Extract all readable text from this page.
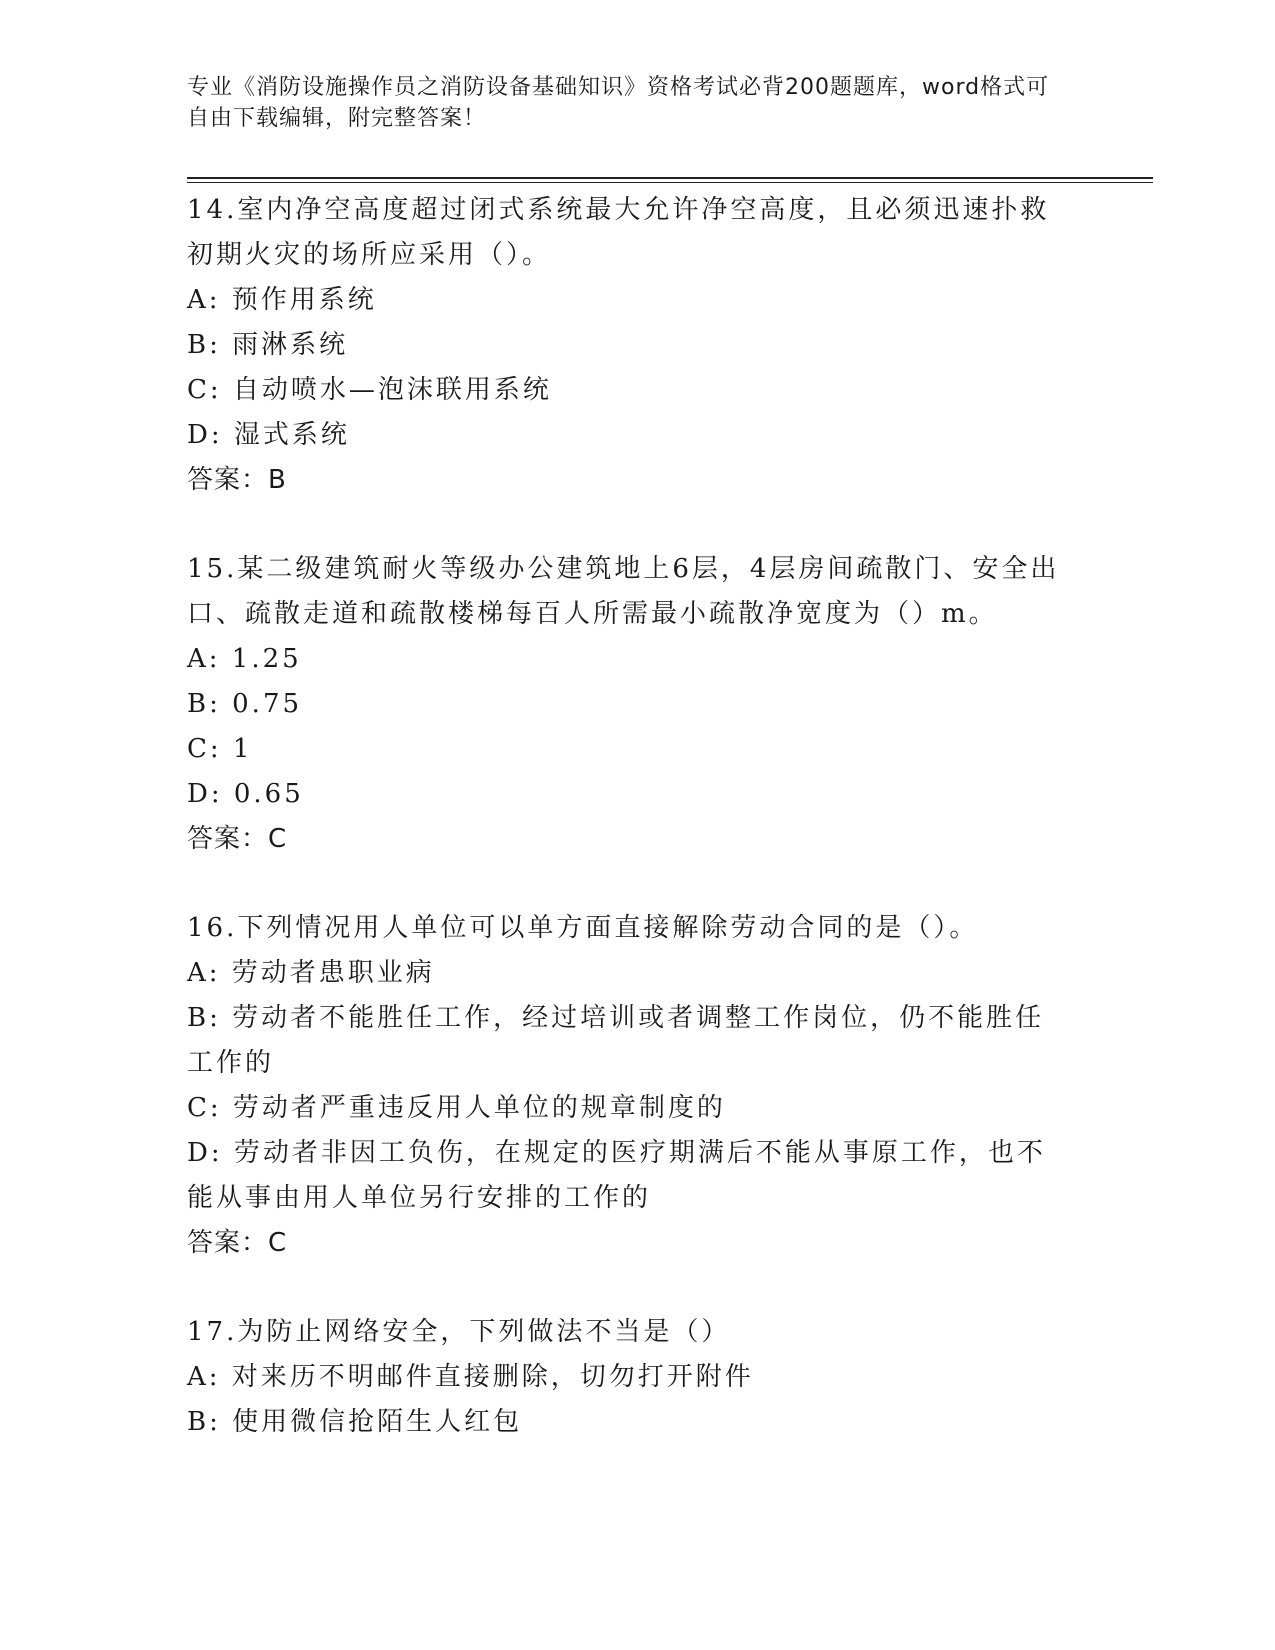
专业《消防设施操作员之消防设备基础知识》资格考试必背200题题库，word格式可自由下载编辑，附完整答案！
14.室内净空高度超过闭式系统最大允许净空高度，且必须迅速扑救初期火灾的场所应采用（）。
A: 预作用系统
B: 雨淋系统
C: 自动喷水—泡沫联用系统
D: 湿式系统
答案：B
15.某二级建筑耐火等级办公建筑地上6层，4层房间疏散门、安全出口、疏散走道和疏散楼梯每百人所需最小疏散净宽度为（）m。
A: 1.25
B: 0.75
C: 1
D: 0.65
答案：C
16.下列情况用人单位可以单方面直接解除劳动合同的是（）。
A: 劳动者患职业病
B: 劳动者不能胜任工作，经过培训或者调整工作岗位，仍不能胜任工作的
C: 劳动者严重违反用人单位的规章制度的
D: 劳动者非因工负伤，在规定的医疗期满后不能从事原工作，也不能从事由用人单位另行安排的工作的
答案：C
17.为防止网络安全，下列做法不当是（）
A: 对来历不明邮件直接删除，切勿打开附件
B: 使用微信抢陌生人红包
